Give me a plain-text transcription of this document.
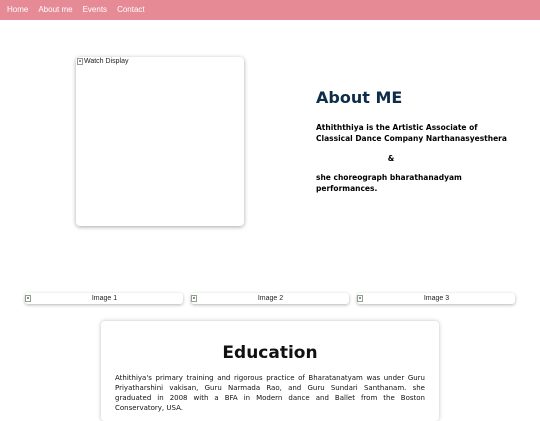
Home	About me	Events	Contact
Watch Display
About ME

Athiththiya is the Artistic Associate of Classical Dance Company Narthanasyesthera

&

she choreograph bharathanadyam performances.

Image 1	Image 2	Image 3
Education

Athithiya's primary training and rigorous practice of Bharatanatyam was under Guru Priyatharshini vakisan, Guru Narmada Rao, and Guru Sundari Santhanam. she graduated in 2008 with a BFA in Modern dance and Ballet from the Boston Conservatory, USA.
